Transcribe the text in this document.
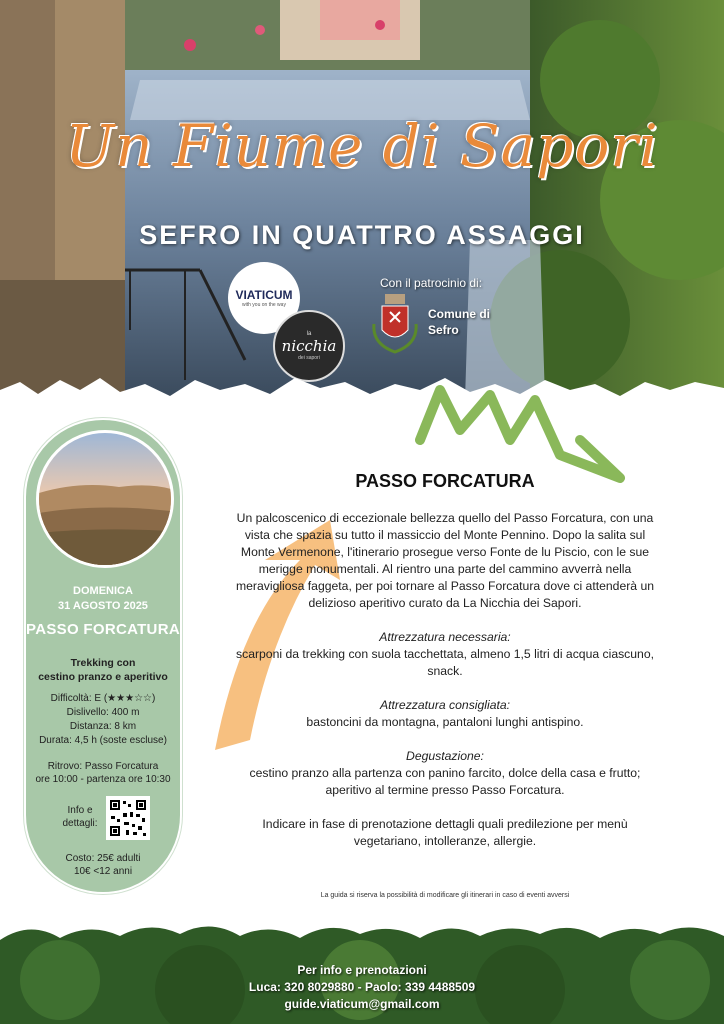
Un Fiume di Sapori
SEFRO IN QUATTRO ASSAGGI
VIATICUM
with you on the way
la
nicchia
dei sapori
Con il patrocinio di:
Comune di Sefro
DOMENICA
31 AGOSTO 2025
PASSO FORCATURA
Trekking con
cestino pranzo e aperitivo
Difficoltà: E (★★★☆☆)
Dislivello: 400 m
Distanza: 8 km
Durata: 4,5 h (soste escluse)
Ritrovo: Passo Forcatura
ore 10:00 - partenza ore 10:30
Info e dettagli:
Costo: 25€ adulti
10€ <12 anni
PASSO FORCATURA

Un palcoscenico di eccezionale bellezza quello del Passo Forcatura, con una vista che spazia su tutto il massiccio del Monte Pennino. Dopo la salita sul Monte Vermenone, l'itinerario prosegue verso Fonte de lu Piscio, con le sue merigge monumentali. Al rientro una parte del cammino avverrà nella meravigliosa faggeta, per poi tornare al Passo Forcatura dove ci attenderà un delizioso aperitivo curato da La Nicchia dei Sapori.

Attrezzatura necessaria:
scarponi da trekking con suola tacchettata, almeno 1,5 litri di acqua ciascuno, snack.

Attrezzatura consigliata:
bastoncini da montagna, pantaloni lunghi antispino.

Degustazione:
cestino pranzo alla partenza con panino farcito, dolce della casa e frutto; aperitivo al termine presso Passo Forcatura.

Indicare in fase di prenotazione dettagli quali predilezione per menù vegetariano, intolleranze, allergie.

La guida si riserva la possibilità di modificare gli itinerari in caso di eventi avversi
Per info e prenotazioni
Luca: 320 8029880 - Paolo: 339 4488509
guide.viaticum@gmail.com
